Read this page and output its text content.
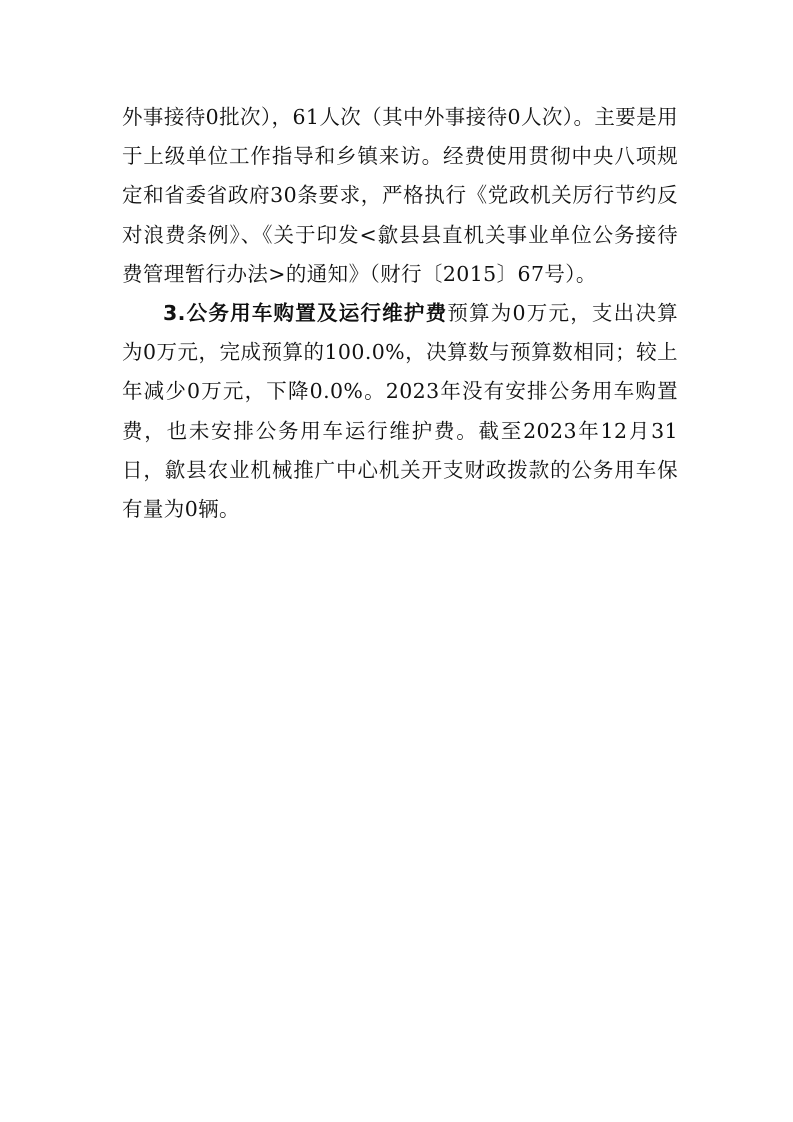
外事接待0批次），61人次（其中外事接待0人次）。主要是用于上级单位工作指导和乡镇来访。经费使用贯彻中央八项规定和省委省政府30条要求，严格执行《党政机关厉行节约反对浪费条例》、《关于印发<歙县县直机关事业单位公务接待费管理暂行办法>的通知》（财行〔2015〕67号）。

3.公务用车购置及运行维护费预算为0万元，支出决算为0万元，完成预算的100.0%，决算数与预算数相同；较上年减少0万元，下降0.0%。2023年没有安排公务用车购置费，也未安排公务用车运行维护费。截至2023年12月31日，歙县农业机械推广中心机关开支财政拨款的公务用车保有量为0辆。
